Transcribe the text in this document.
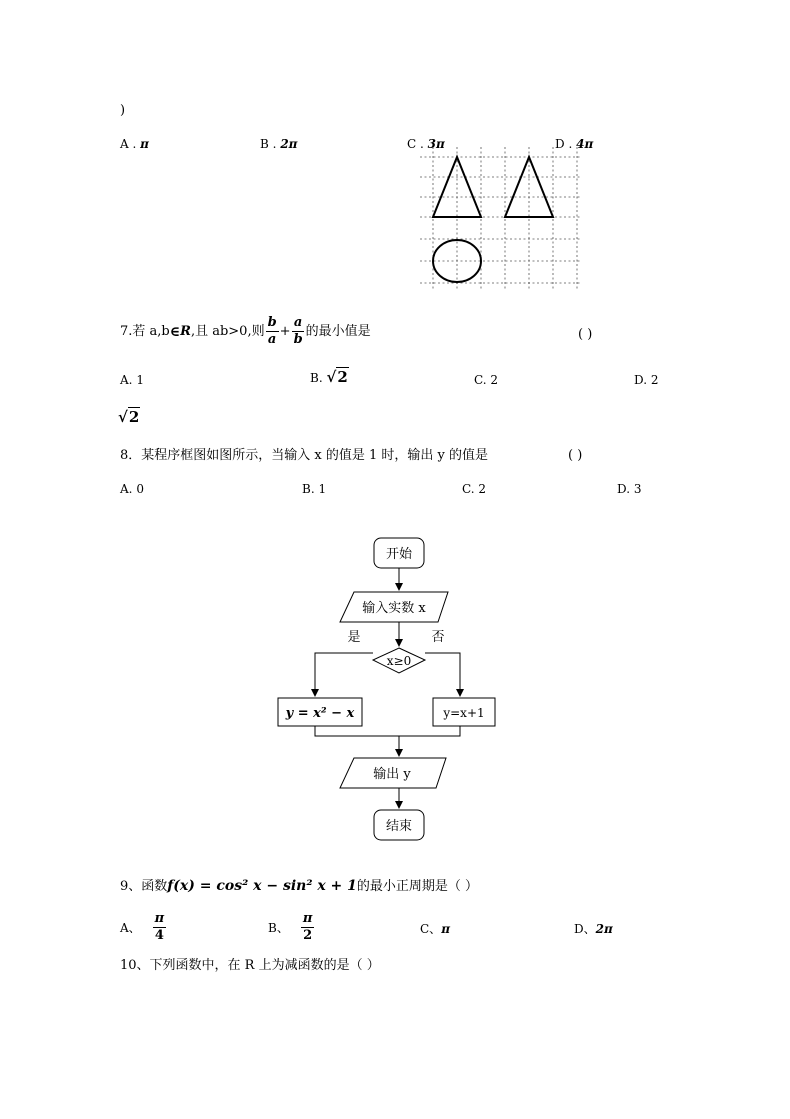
)
A . π	B . 2π	C . 3π	D . 4π
7. 若 a,b ∈ R ,且 ab>0,则 $\frac{b}{a} + \frac{a}{b}$ 的最小值是	( )
A. 1	B. √2	C. 2	D. 2
√2
8．某程序框图如图所示，当输入 x 的值是 1 时，输出 y 的值是	( )
A. 0	B. 1	C. 2	D. 3
开始
输入实数 x
是	否
x≥0
y = x² − x	y=x+1
输出 y
结束
9、函数f(x) = cos² x − sin² x + 1的最小正周期是（ ）
A、 $\frac{\pi}{4}$	B、 $\frac{\pi}{2}$	C、π	D、2π
10、下列函数中，在 R 上为减函数的是（ ）
